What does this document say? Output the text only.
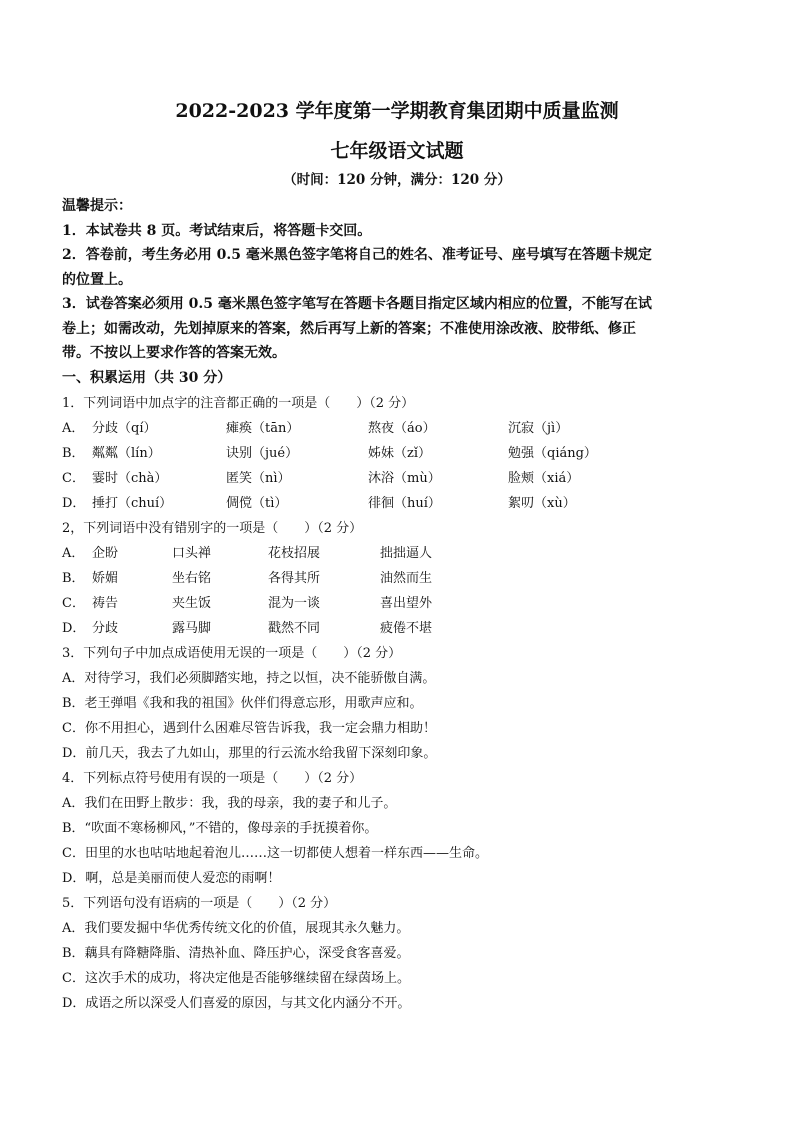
2022-2023 学年度第一学期教育集团期中质量监测
七年级语文试题
（时间：120 分钟，满分：120 分）

温馨提示：

1．本试卷共 8 页。考试结束后，将答题卡交回。

2．答卷前，考生务必用 0.5 毫米黑色签字笔将自己的姓名、准考证号、座号填写在答题卡规定

的位置上。

3．试卷答案必须用 0.5 毫米黑色签字笔写在答题卡各题目指定区域内相应的位置，不能写在试

卷上；如需改动，先划掉原来的答案，然后再写上新的答案；不准使用涂改液、胶带纸、修正

带。不按以上要求作答的答案无效。

一、积累运用（共 30 分）

1．下列词语中加点字的注音都正确的一项是（　　）（2 分）

A． 分歧（qí）	瘫痪（tān）	熬夜（áo）	沉寂（jì）
B． 粼粼（lín）	诀别（jué）	姊妹（zǐ）	勉强（qiáng）
C． 霎时（chà）	匿笑（nì）	沐浴（mù）	脸颊（xiá）
D． 捶打（chuí）	倜傥（tì）	徘徊（huí）	絮叨（xù）

2，下列词语中没有错别字的一项是（　　）（2 分）

A． 企盼	口头禅	花枝招展	拙拙逼人
B． 娇媚	坐右铭	各得其所	油然而生
C． 祷告	夹生饭	混为一谈	喜出望外
D． 分歧	露马脚	戳然不同	疲倦不堪

3．下列句子中加点成语使用无误的一项是（　　）（2 分）

A．对待学习，我们必须脚踏实地，持之以恒，决不能骄傲自满。

B．老王弹唱《我和我的祖国》伙伴们得意忘形，用歌声应和。

C．你不用担心，遇到什么困难尽管告诉我，我一定会鼎力相助！

D．前几天，我去了九如山，那里的行云流水给我留下深刻印象。

4．下列标点符号使用有误的一项是（　　）（2 分）

A．我们在田野上散步：我，我的母亲，我的妻子和儿子。

B．“吹面不寒杨柳风，”不错的，像母亲的手抚摸着你。

C．田里的水也咕咕地起着泡儿……这一切都使人想着一样东西——生命。

D．啊，总是美丽而使人爱恋的雨啊！

5．下列语句没有语病的一项是（　　）（2 分）

A．我们要发掘中华优秀传统文化的价值，展现其永久魅力。

B．藕具有降糖降脂、清热补血、降压护心，深受食客喜爱。

C．这次手术的成功，将决定他是否能够继续留在绿茵场上。

D．成语之所以深受人们喜爱的原因，与其文化内涵分不开。
